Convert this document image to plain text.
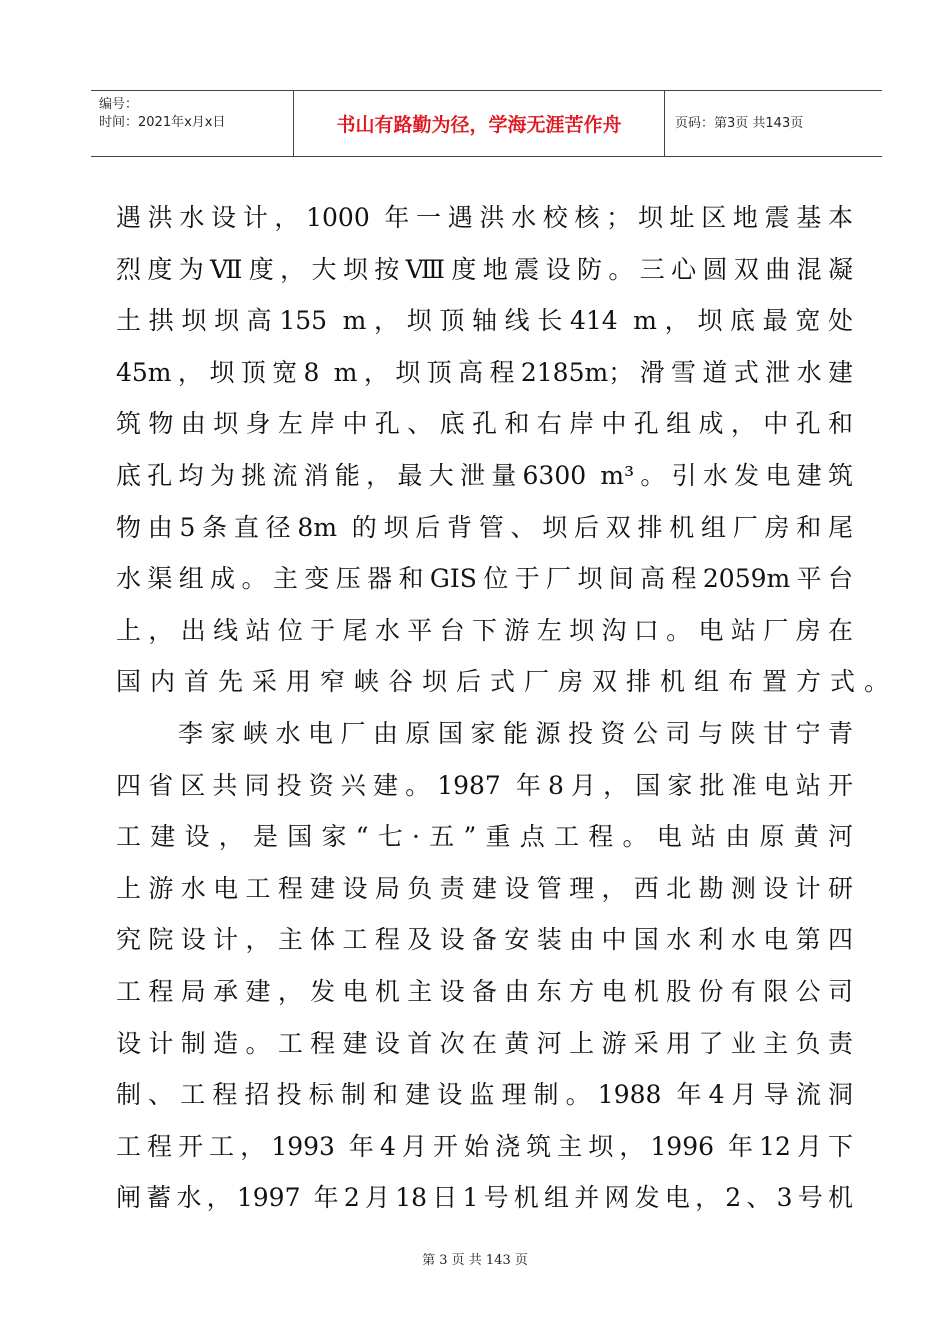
编号：
时间：2021年x月x日	书山有路勤为径，学海无涯苦作舟	页码：第3页 共143页
遇洪水设计，1000 年一遇洪水校核；坝址区地震基本
烈度为Ⅶ度，大坝按Ⅷ度地震设防。三心圆双曲混凝
土拱坝坝高155 m，坝顶轴线长414 m，坝底最宽处
45m，坝顶宽8 m，坝顶高程2185m；滑雪道式泄水建
筑物由坝身左岸中孔、底孔和右岸中孔组成，中孔和
底孔均为挑流消能，最大泄量6300 m³。引水发电建筑
物由5条直径8m 的坝后背管、坝后双排机组厂房和尾
水渠组成。主变压器和GIS位于厂坝间高程2059m平台
上，出线站位于尾水平台下游左坝沟口。电站厂房在
国内首先采用窄峡谷坝后式厂房双排机组布置方式。
李家峡水电厂由原国家能源投资公司与陕甘宁青
四省区共同投资兴建。1987 年8月，国家批准电站开
工建设，是国家“七·五”重点工程。电站由原黄河
上游水电工程建设局负责建设管理，西北勘测设计研
究院设计，主体工程及设备安装由中国水利水电第四
工程局承建，发电机主设备由东方电机股份有限公司
设计制造。工程建设首次在黄河上游采用了业主负责
制、工程招投标制和建设监理制。1988 年4月导流洞
工程开工，1993 年4月开始浇筑主坝，1996 年12月下
闸蓄水，1997 年2月18日1号机组并网发电，2、3号机
第 3 页 共 143 页
